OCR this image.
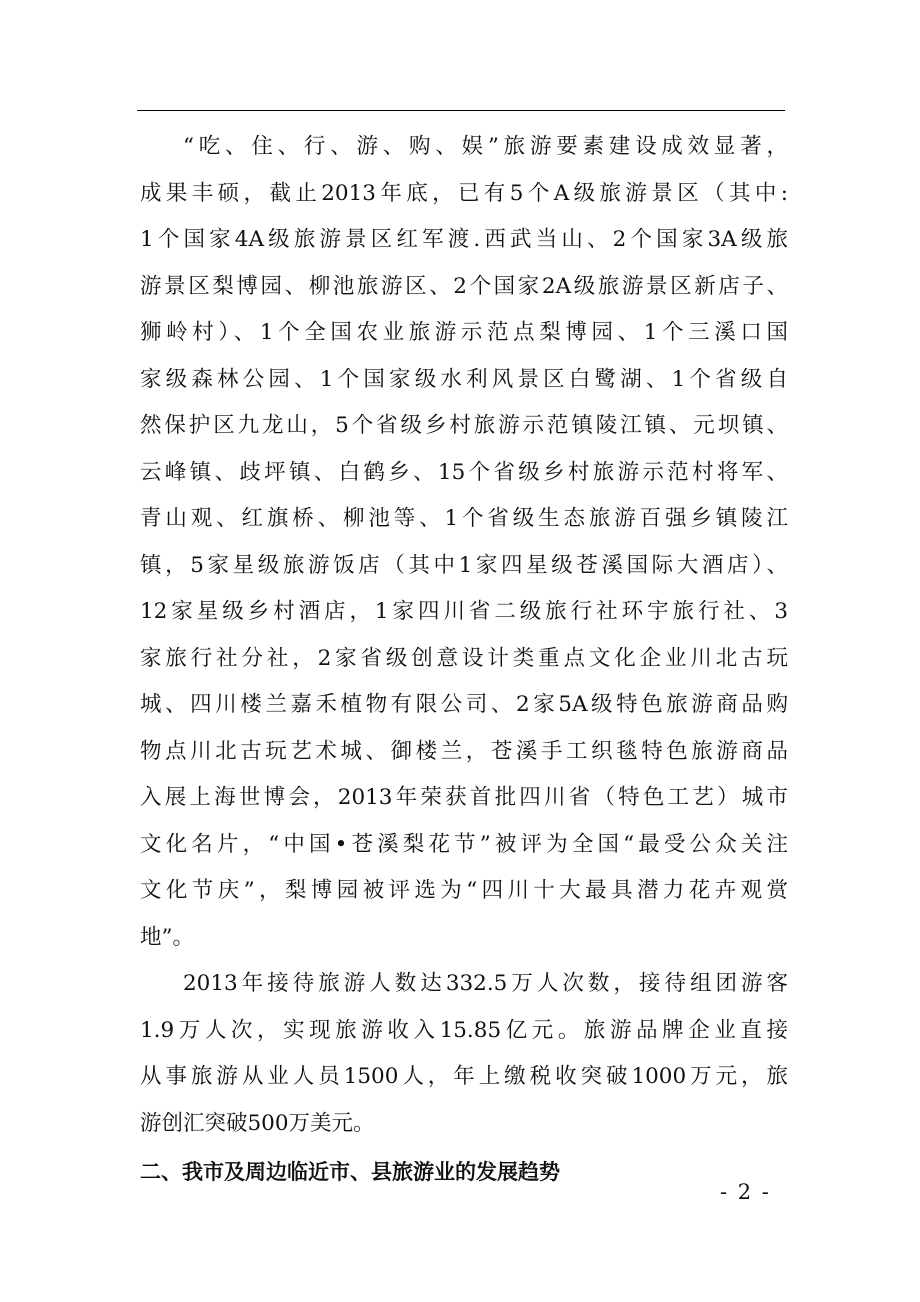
“吃、住、行、游、购、娱”旅游要素建设成效显著，
成果丰硕，截止2013年底，已有5个A级旅游景区（其中:
1个国家4A级旅游景区红军渡.西武当山、2个国家3A级旅
游景区梨博园、柳池旅游区、2个国家2A级旅游景区新店子、
狮岭村）、1个全国农业旅游示范点梨博园、1个三溪口国
家级森林公园、1个国家级水利风景区白鹭湖、1个省级自
然保护区九龙山，5个省级乡村旅游示范镇陵江镇、元坝镇、
云峰镇、歧坪镇、白鹤乡、15个省级乡村旅游示范村将军、
青山观、红旗桥、柳池等、1个省级生态旅游百强乡镇陵江
镇，5家星级旅游饭店（其中1家四星级苍溪国际大酒店）、
12家星级乡村酒店，1家四川省二级旅行社环宇旅行社、3
家旅行社分社，2家省级创意设计类重点文化企业川北古玩
城、四川楼兰嘉禾植物有限公司、2家5A级特色旅游商品购
物点川北古玩艺术城、御楼兰，苍溪手工织毯特色旅游商品
入展上海世博会，2013年荣获首批四川省（特色工艺）城市
文化名片，“中国•苍溪梨花节”被评为全国“最受公众关注
文化节庆”，梨博园被评选为“四川十大最具潜力花卉观赏
地”。
2013年接待旅游人数达332.5万人次数，接待组团游客
1.9万人次，实现旅游收入15.85亿元。旅游品牌企业直接
从事旅游从业人员1500人，年上缴税收突破1000万元，旅
游创汇突破500万美元。
二、我市及周边临近市、县旅游业的发展趋势
- 2 -
